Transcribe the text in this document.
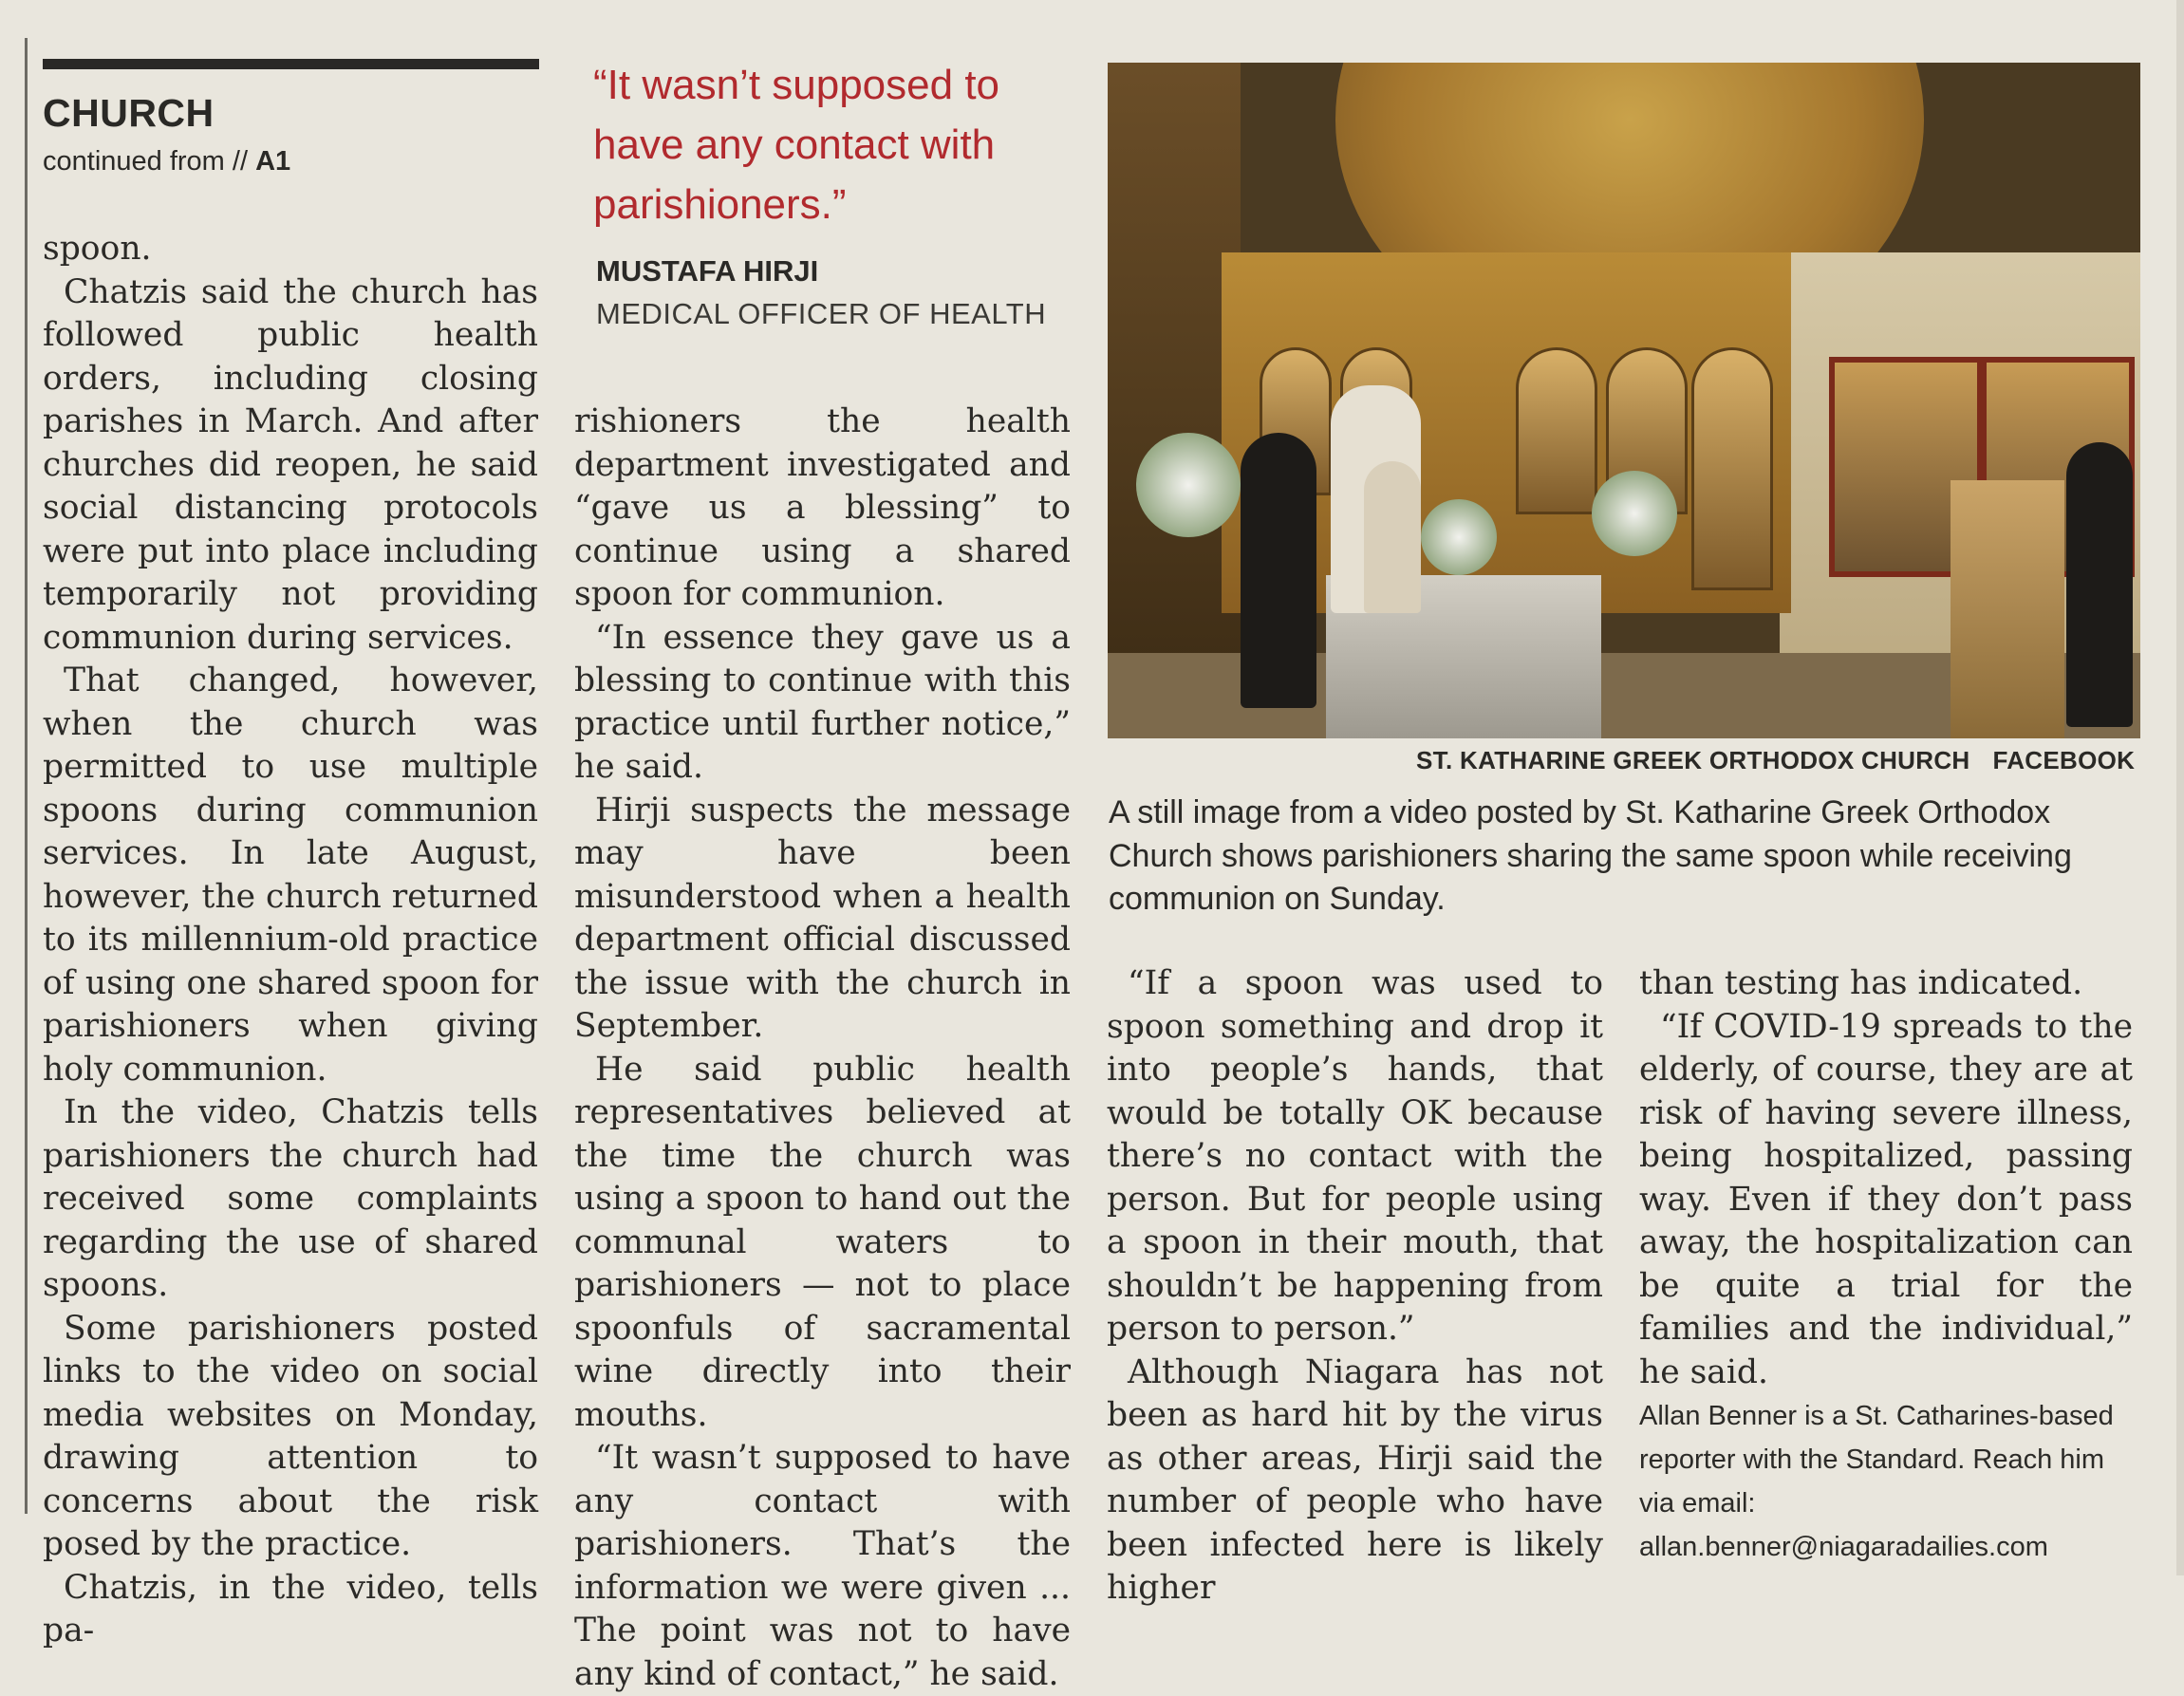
CHURCH
continued from // A1

spoon.

Chatzis said the church has followed public health orders, including closing parishes in March. And after churches did reopen, he said social distancing protocols were put into place including temporarily not providing communion during services.

That changed, however, when the church was permitted to use multiple spoons during communion services. In late August, however, the church returned to its millennium-old practice of using one shared spoon for parishioners when giving holy communion.

In the video, Chatzis tells parishioners the church had received some complaints regarding the use of shared spoons.

Some parishioners posted links to the video on social media websites on Monday, drawing attention to concerns about the risk posed by the practice.

Chatzis, in the video, tells pa-

“It wasn’t supposed to have any contact with parishioners.”
MUSTAFA HIRJI
MEDICAL OFFICER OF HEALTH

rishioners the health department investigated and “gave us a blessing” to continue using a shared spoon for communion.

“In essence they gave us a blessing to continue with this practice until further notice,” he said.

Hirji suspects the message may have been misunderstood when a health department official discussed the issue with the church in September.

He said public health representatives believed at the time the church was using a spoon to hand out the communal waters to parishioners — not to place spoonfuls of sacramental wine directly into their mouths.

“It wasn’t supposed to have any contact with parishioners. That’s the information we were given ... The point was not to have any kind of contact,” he said.

ST. KATHARINE GREEK ORTHODOX CHURCH FACEBOOK
A still image from a video posted by St. Katharine Greek Orthodox Church shows parishioners sharing the same spoon while receiving communion on Sunday.

“If a spoon was used to spoon something and drop it into people’s hands, that would be totally OK because there’s no contact with the person. But for people using a spoon in their mouth, that shouldn’t be happening from person to person.”

Although Niagara has not been as hard hit by the virus as other areas, Hirji said the number of people who have been infected here is likely higher

than testing has indicated.

“If COVID-19 spreads to the elderly, of course, they are at risk of having severe illness, being hospitalized, passing way. Even if they don’t pass away, the hospitalization can be quite a trial for the families and the individual,” he said.

Allan Benner is a St. Catharines-based reporter with the Standard. Reach him via email: allan.benner@niagaradailies.com
